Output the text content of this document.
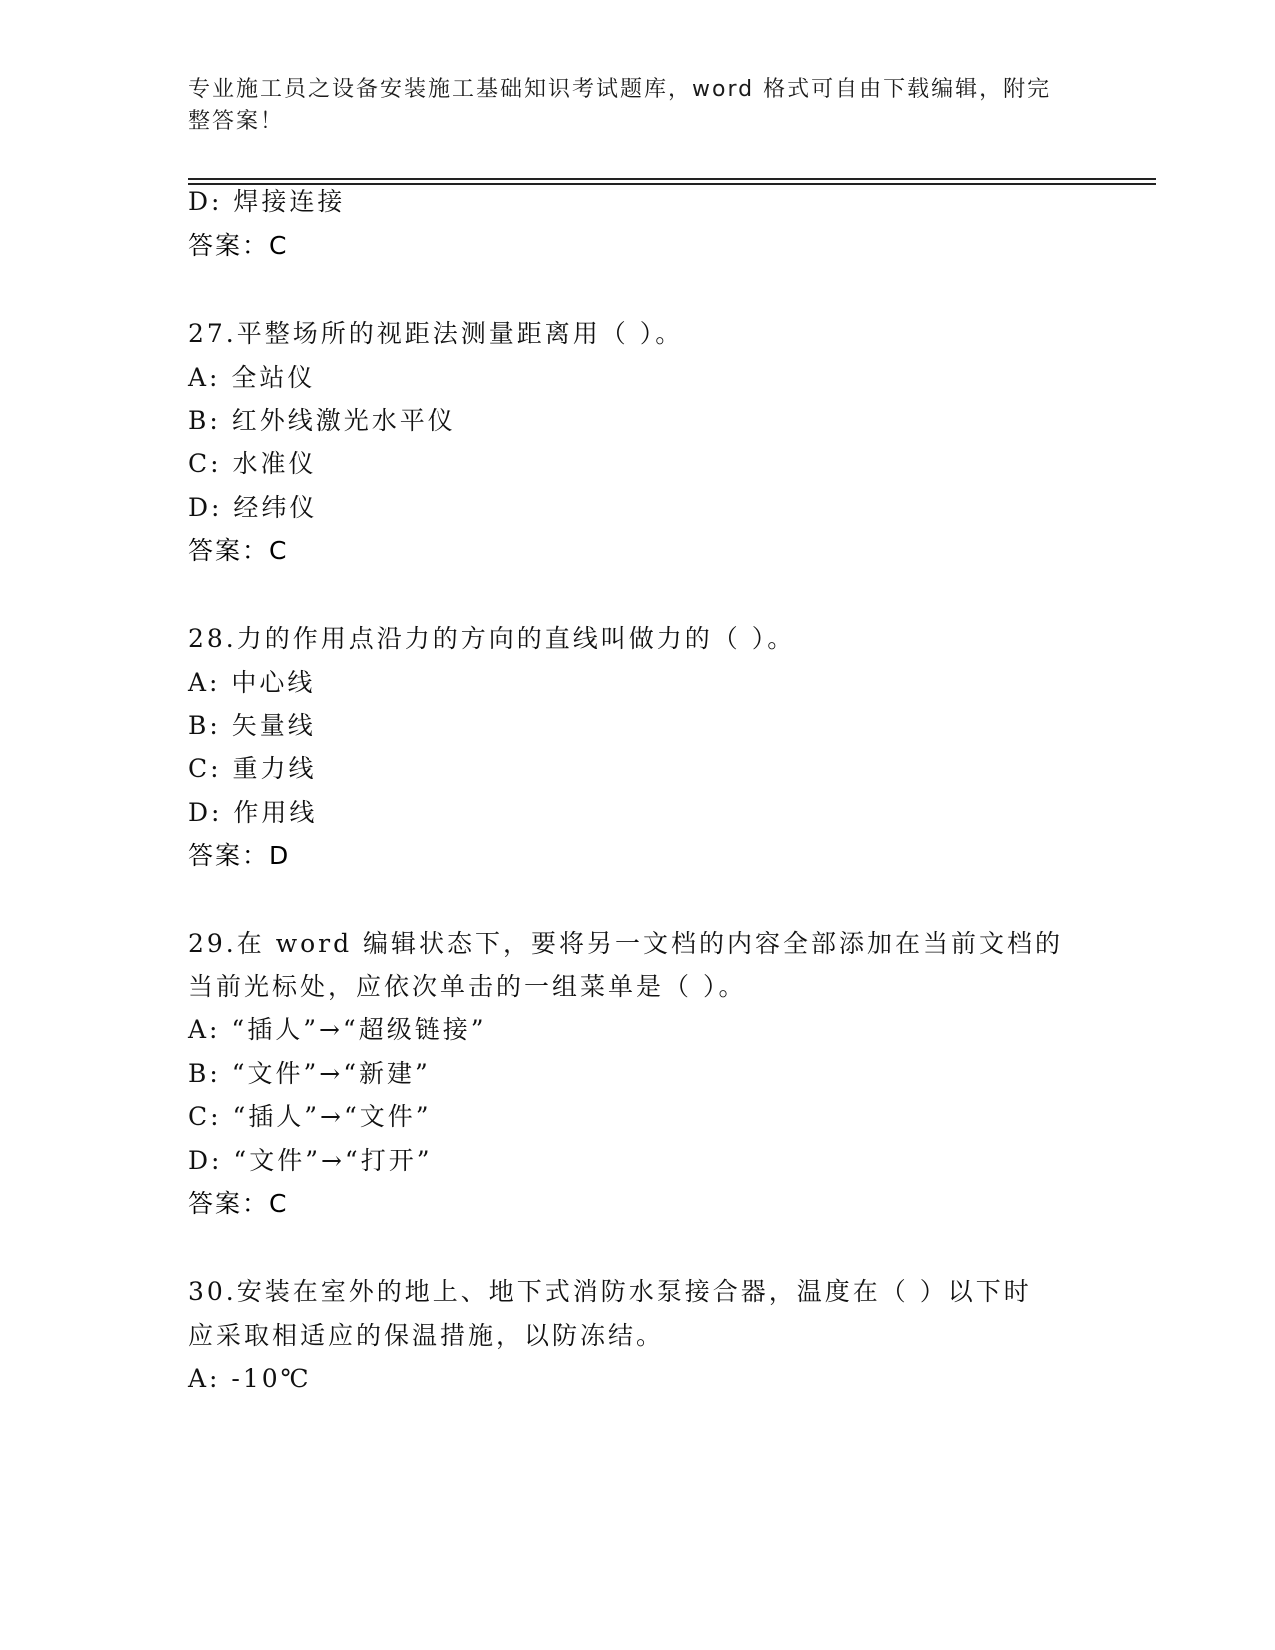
专业施工员之设备安装施工基础知识考试题库，word 格式可自由下载编辑，附完整答案！
D: 焊接连接
答案：C
27.平整场所的视距法测量距离用（ ）。
A: 全站仪
B: 红外线激光水平仪
C: 水准仪
D: 经纬仪
答案：C
28.力的作用点沿力的方向的直线叫做力的（ ）。
A: 中心线
B: 矢量线
C: 重力线
D: 作用线
答案：D
29.在 word 编辑状态下，要将另一文档的内容全部添加在当前文档的
当前光标处，应依次单击的一组菜单是（ ）。
A: “插人”→“超级链接”
B: “文件”→“新建”
C: “插人”→“文件”
D: “文件”→“打开”
答案：C
30.安装在室外的地上、地下式消防水泵接合器，温度在（ ）以下时
应采取相适应的保温措施，以防冻结。
A: -10℃
